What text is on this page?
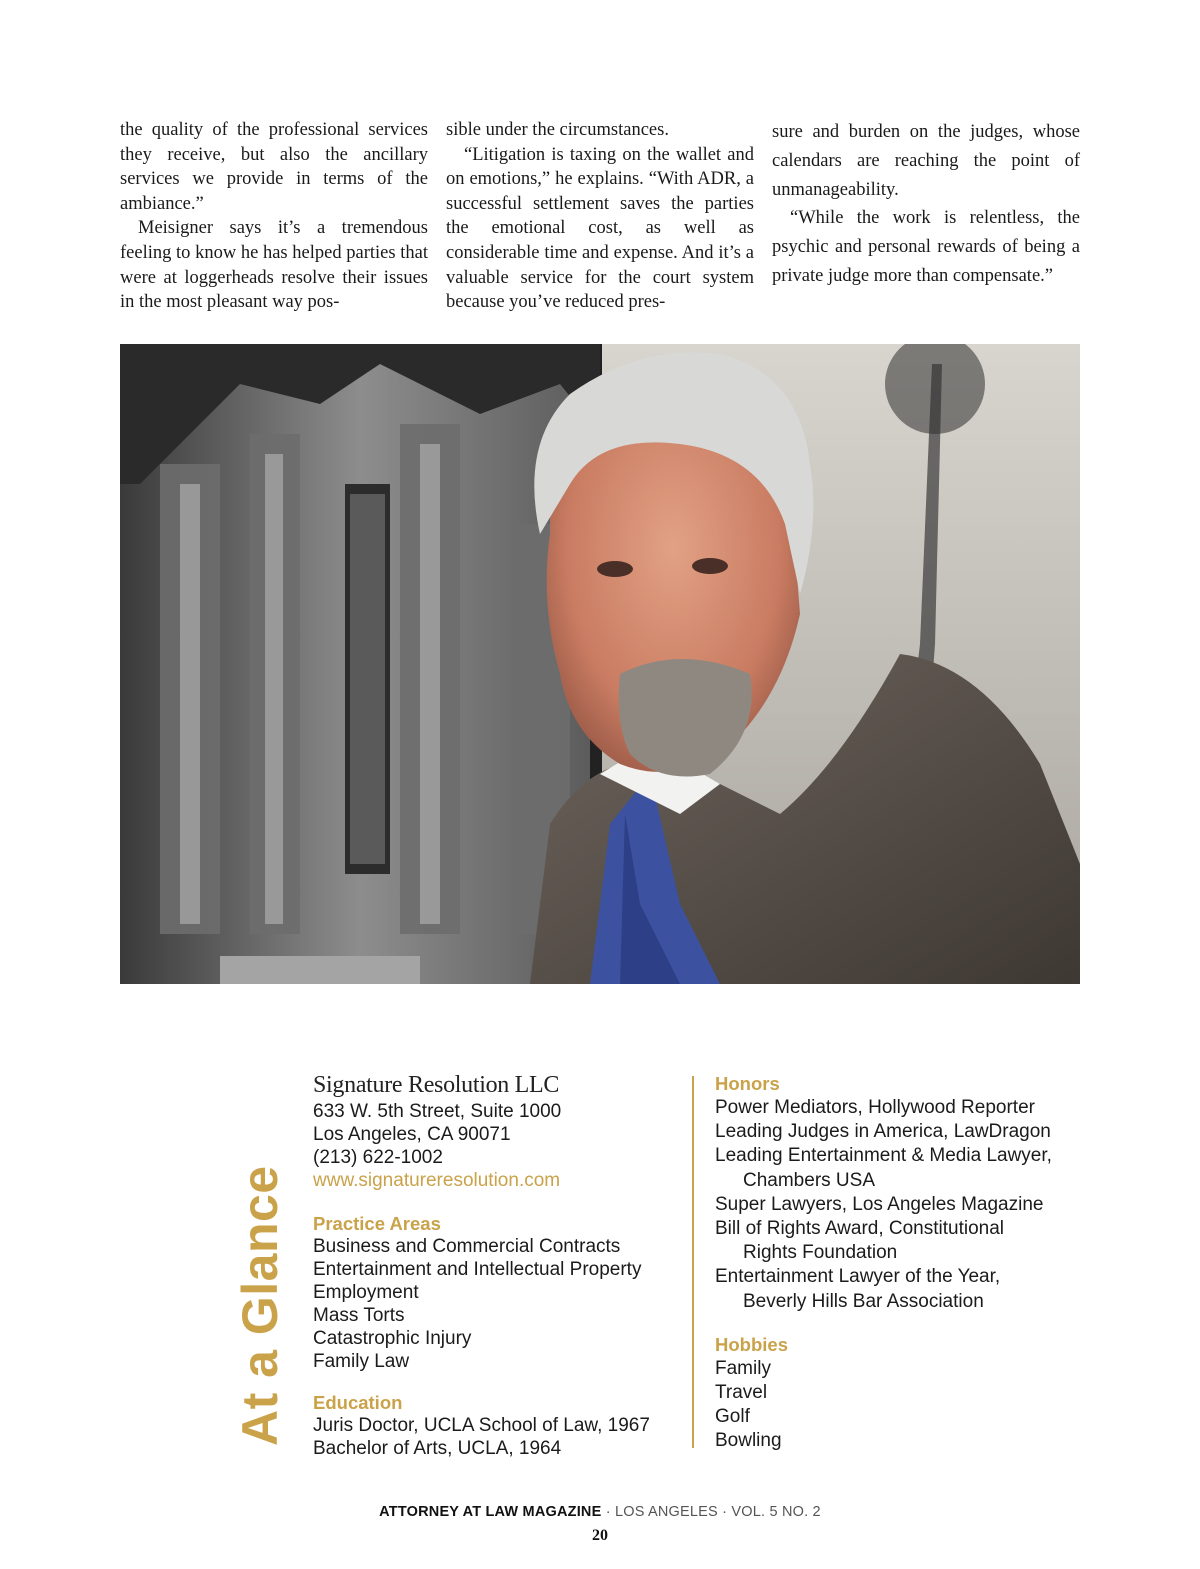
the quality of the professional services they receive, but also the ancillary services we provide in terms of the ambiance.”

Meisigner says it’s a tremendous feeling to know he has helped parties that were at loggerheads resolve their issues in the most pleasant way pos-

sible under the circumstances.

“Litigation is taxing on the wallet and on emotions,” he explains. “With ADR, a successful settlement saves the parties the emotional cost, as well as considerable time and expense. And it’s a valuable service for the court system because you’ve reduced pres-

sure and burden on the judges, whose calendars are reaching the point of unmanageability.

“While the work is relentless, the psychic and personal rewards of being a private judge more than compensate.”

At a Glance
Signature Resolution LLC
633 W. 5th Street, Suite 1000
Los Angeles, CA 90071
(213) 622-1002
www.signatureresolution.com
Practice Areas
Business and Commercial Contracts
Entertainment and Intellectual Property
Employment
Mass Torts
Catastrophic Injury
Family Law
Education
Juris Doctor, UCLA School of Law, 1967
Bachelor of Arts, UCLA, 1964
Honors
Power Mediators, Hollywood Reporter
Leading Judges in America, LawDragon
Leading Entertainment & Media Lawyer,
Chambers USA
Super Lawyers, Los Angeles Magazine
Bill of Rights Award, Constitutional
Rights Foundation
Entertainment Lawyer of the Year,
Beverly Hills Bar Association
Hobbies
Family
Travel
Golf
Bowling
ATTORNEY AT LAW MAGAZINE · LOS ANGELES · VOL. 5 NO. 2
20
